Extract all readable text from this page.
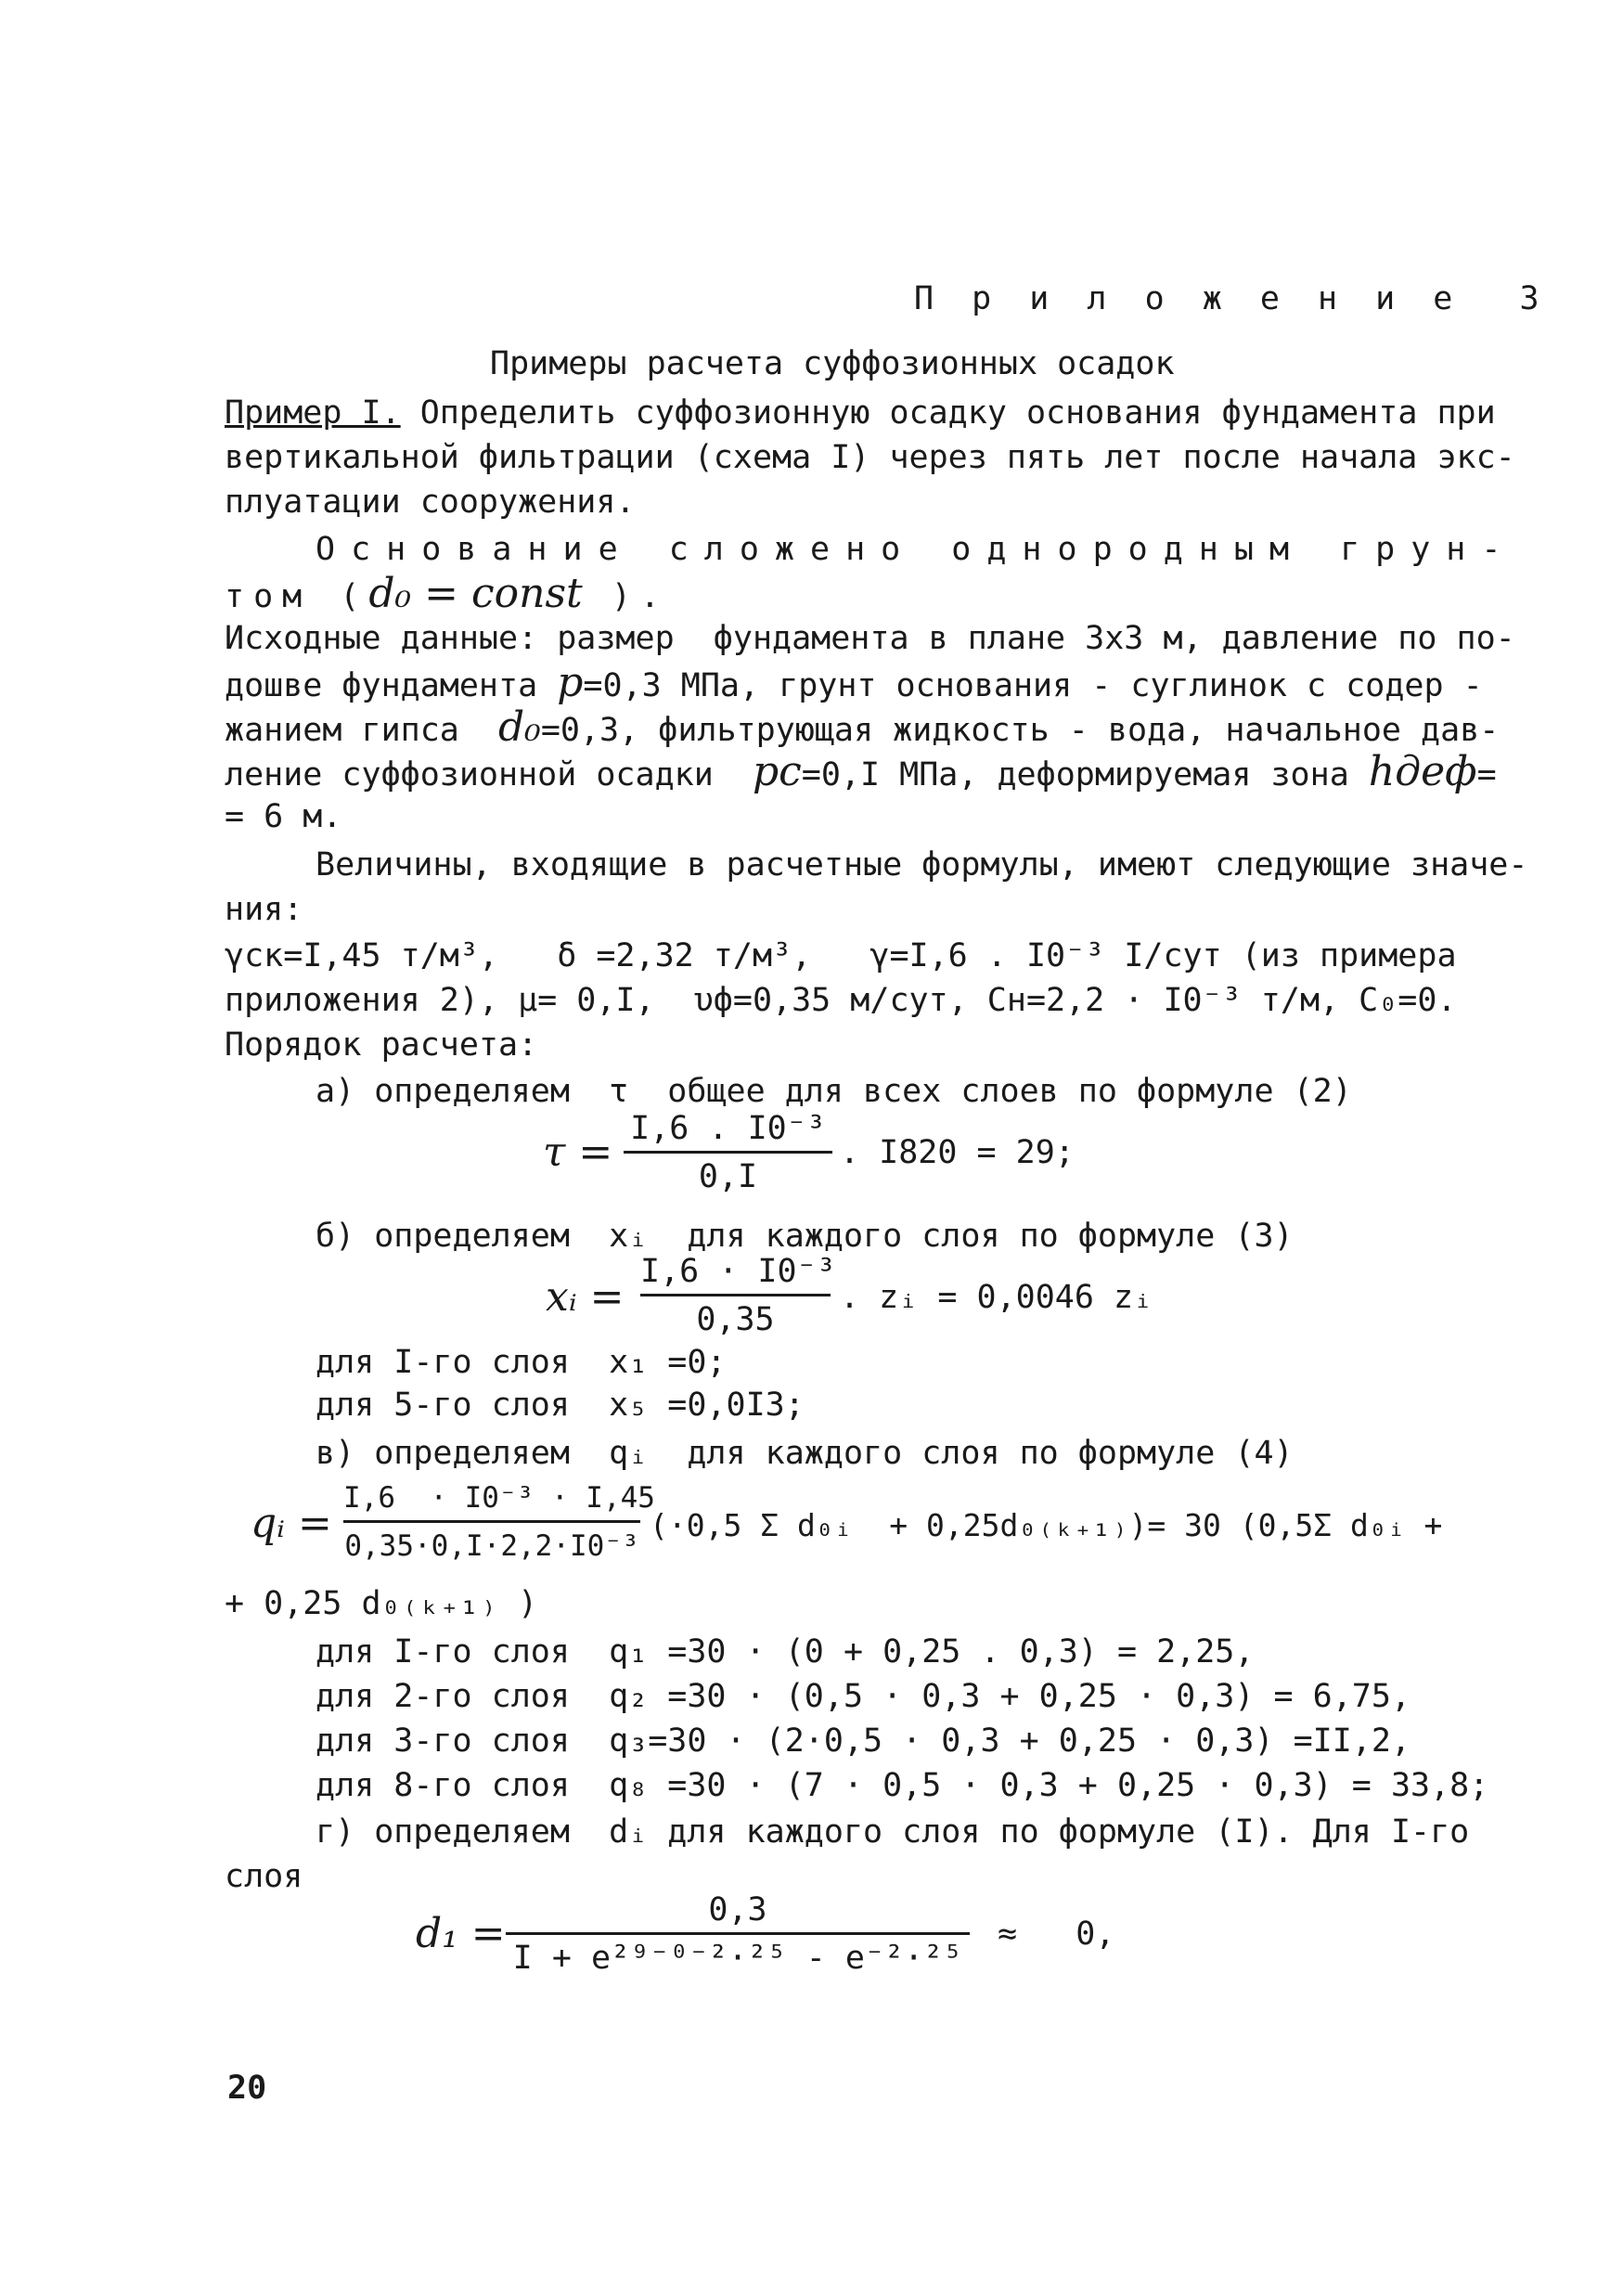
П р и л о ж е н и е  3
Примеры расчета суффозионных осадок
Пример I. Определить суффозионную осадку основания фундамента при
вертикальной фильтрации (схема I) через пять лет после начала экс-
плуатации сооружения.
Основание сложено однородным грун-
том (d₀ = const ).
Исходные данные: размер  фундамента в плане 3x3 м, давление по по-
дошве фундамента p=0,3 МПа, грунт основания - суглинок с содер -
жанием гипса  d₀=0,3, фильтрующая жидкость - вода, начальное дав-
ление суффозионной осадки  pc=0,I МПа, деформируемая зона hдеф=
= 6 м.
Величины, входящие в расчетные формулы, имеют следующие значе-
ния:
γск=I,45 т/м³,   δ =2,32 т/м³,   γ=I,6 . I0⁻³ I/сут (из примера
приложения 2), μ= 0,I,  υф=0,35 м/сут, Cн=2,2 · I0⁻³ т/м, C₀=0.
Порядок расчета:
а) определяем  τ  общее для всех слоев по формуле (2)
τ = I,6 . I0⁻³
0,I
. I820 = 29;
б) определяем  xᵢ  для каждого слоя по формуле (3)
xᵢ =
I,6 · I0⁻³
0,35
. zᵢ = 0,0046 zᵢ
для I-го слоя  x₁ =0;
для 5-го слоя  x₅ =0,0I3;
в) определяем  qᵢ  для каждого слоя по формуле (4)
qᵢ =
I,6  · I0⁻³ · I,45
0,35·0,I·2,2·I0⁻³
(·0,5 Σ d₀ᵢ  + 0,25d₀₍ₖ₊₁₎)= 30 (0,5Σ d₀ᵢ +
+ 0,25 d₀₍ₖ₊₁₎ )
для I-го слоя  q₁ =30 · (0 + 0,25 . 0,3) = 2,25,
для 2-го слоя  q₂ =30 · (0,5 · 0,3 + 0,25 · 0,3) = 6,75,
для 3-го слоя  q₃=30 · (2·0,5 · 0,3 + 0,25 · 0,3) =II,2,
для 8-го слоя  q₈ =30 · (7 · 0,5 · 0,3 + 0,25 · 0,3) = 33,8;
г) определяем  dᵢ для каждого слоя по формуле (I). Для I-го
слоя
d₁ =	0,3
I + e²⁹⁻⁰⁻²·²⁵ - e⁻²·²⁵
≈   0,
20
